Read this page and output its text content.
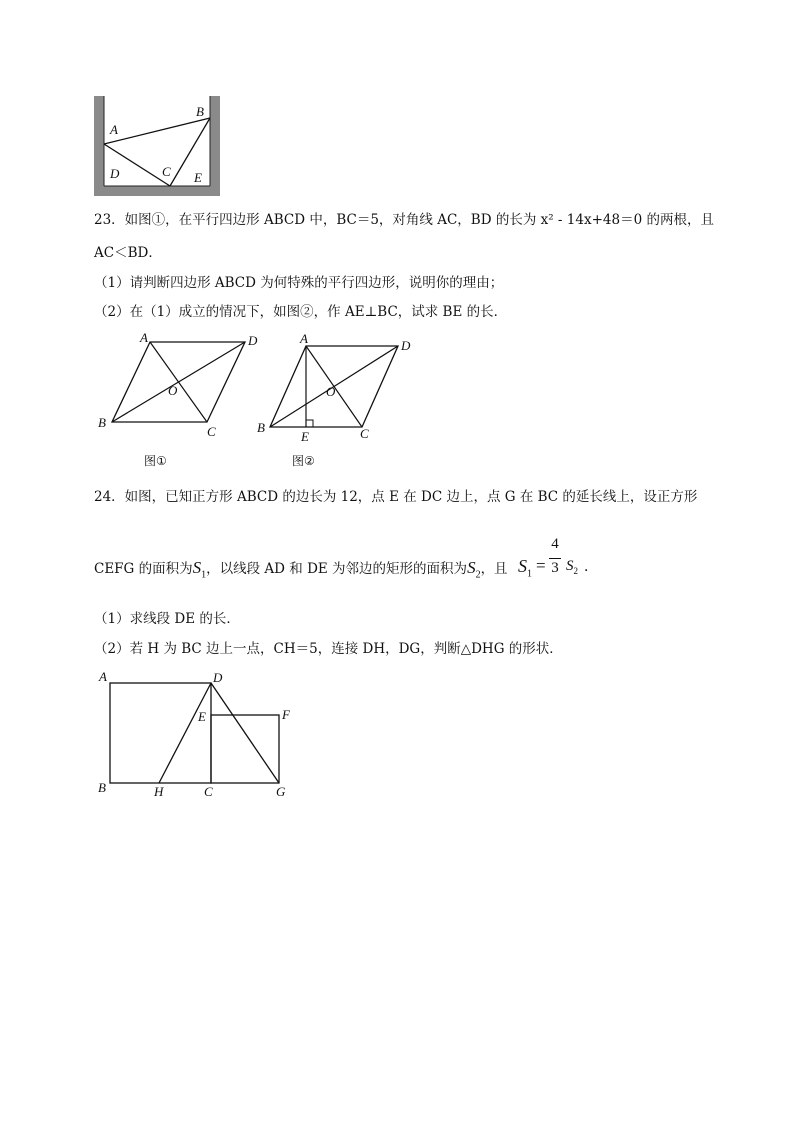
A
B
C
D	E
23．如图①，在平行四边形 ABCD 中，BC＝5，对角线 AC，BD 的长为 x² - 14x+48＝0 的两根，且
AC＜BD．
（1）请判断四边形 ABCD 为何特殊的平行四边形，说明你的理由；
（2）在（1）成立的情况下，如图②，作 AE⊥BC，试求 BE 的长．
A	D
B
C
O
图①
A	D
B	C
O
E
图②
24．如图，已知正方形 ABCD 的边长为 12，点 E 在 DC 边上，点 G 在 BC 的延长线上，设正方形
CEFG 的面积为$S_1$，以线段 AD 和 DE 为邻边的矩形的面积为$S_2$，且 $S_1$ =
4
3 $S_2$ ．
（1）求线段 DE 的长．
（2）若 H 为 BC 边上一点，CH＝5，连接 DH，DG，判断△DHG 的形状．
A	D
E	F
B	H	C	G
